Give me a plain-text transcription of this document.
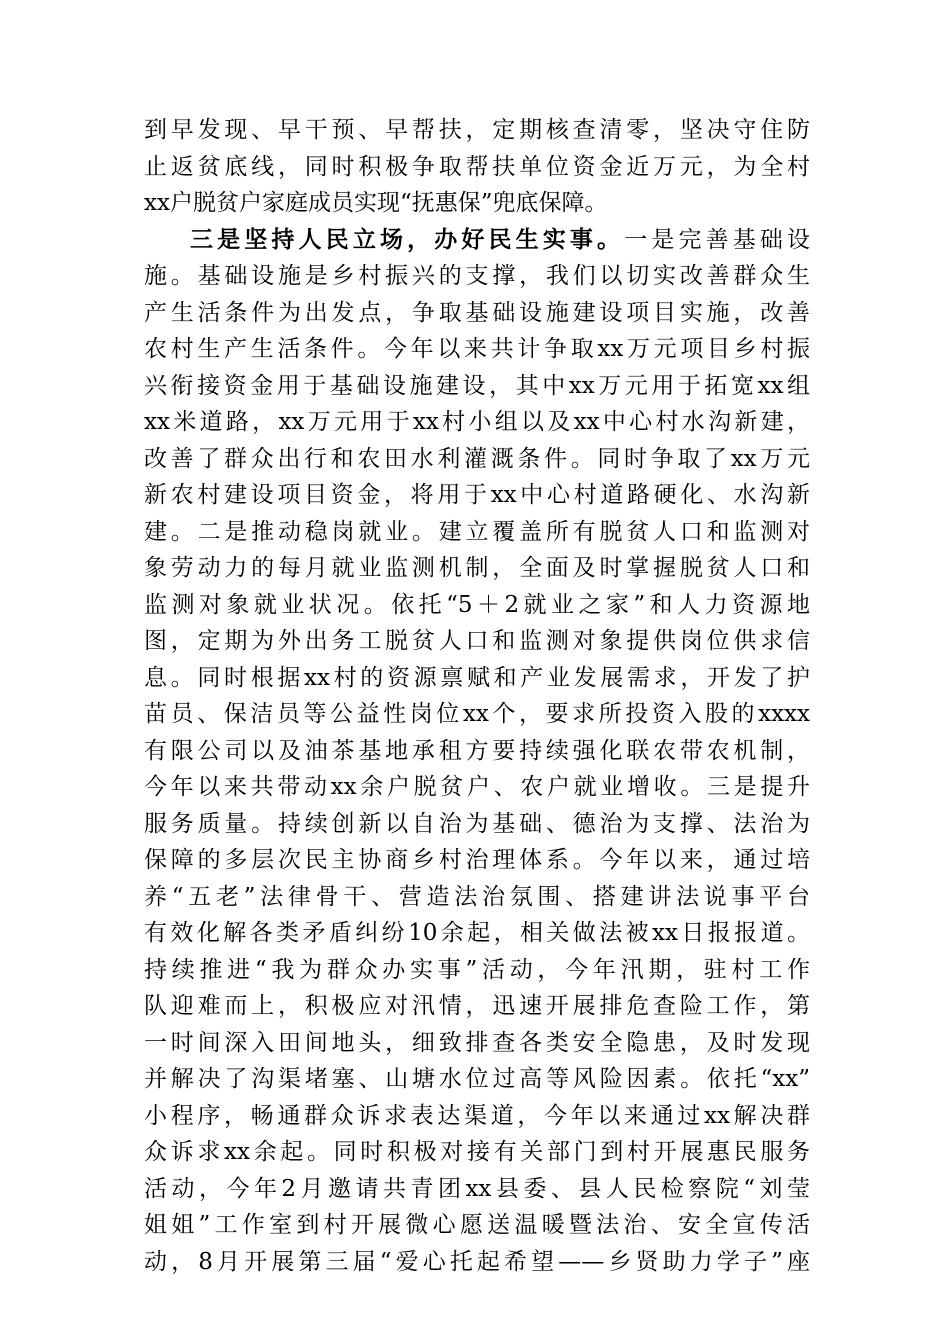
到早发现、早干预、早帮扶，定期核查清零，坚决守住防
止返贫底线，同时积极争取帮扶单位资金近万元，为全村
xx户脱贫户家庭成员实现“抚惠保”兜底保障。
三是坚持人民立场，办好民生实事。一是完善基础设
施。基础设施是乡村振兴的支撑，我们以切实改善群众生
产生活条件为出发点，争取基础设施建设项目实施，改善
农村生产生活条件。今年以来共计争取xx万元项目乡村振
兴衔接资金用于基础设施建设，其中xx万元用于拓宽xx组
xx米道路，xx万元用于xx村小组以及xx中心村水沟新建，
改善了群众出行和农田水利灌溉条件。同时争取了xx万元
新农村建设项目资金，将用于xx中心村道路硬化、水沟新
建。二是推动稳岗就业。建立覆盖所有脱贫人口和监测对
象劳动力的每月就业监测机制，全面及时掌握脱贫人口和
监测对象就业状况。依托“5＋2就业之家”和人力资源地
图，定期为外出务工脱贫人口和监测对象提供岗位供求信
息。同时根据xx村的资源禀赋和产业发展需求，开发了护
苗员、保洁员等公益性岗位xx个，要求所投资入股的xxxx
有限公司以及油茶基地承租方要持续强化联农带农机制，
今年以来共带动xx余户脱贫户、农户就业增收。三是提升
服务质量。持续创新以自治为基础、德治为支撑、法治为
保障的多层次民主协商乡村治理体系。今年以来，通过培
养“五老”法律骨干、营造法治氛围、搭建讲法说事平台
有效化解各类矛盾纠纷10余起，相关做法被xx日报报道。
持续推进“我为群众办实事”活动，今年汛期，驻村工作
队迎难而上，积极应对汛情，迅速开展排危查险工作，第
一时间深入田间地头，细致排查各类安全隐患，及时发现
并解决了沟渠堵塞、山塘水位过高等风险因素。依托“xx”
小程序，畅通群众诉求表达渠道，今年以来通过xx解决群
众诉求xx余起。同时积极对接有关部门到村开展惠民服务
活动，今年2月邀请共青团xx县委、县人民检察院“刘莹
姐姐”工作室到村开展微心愿送温暖暨法治、安全宣传活
动，8月开展第三届“爱心托起希望——乡贤助力学子”座
